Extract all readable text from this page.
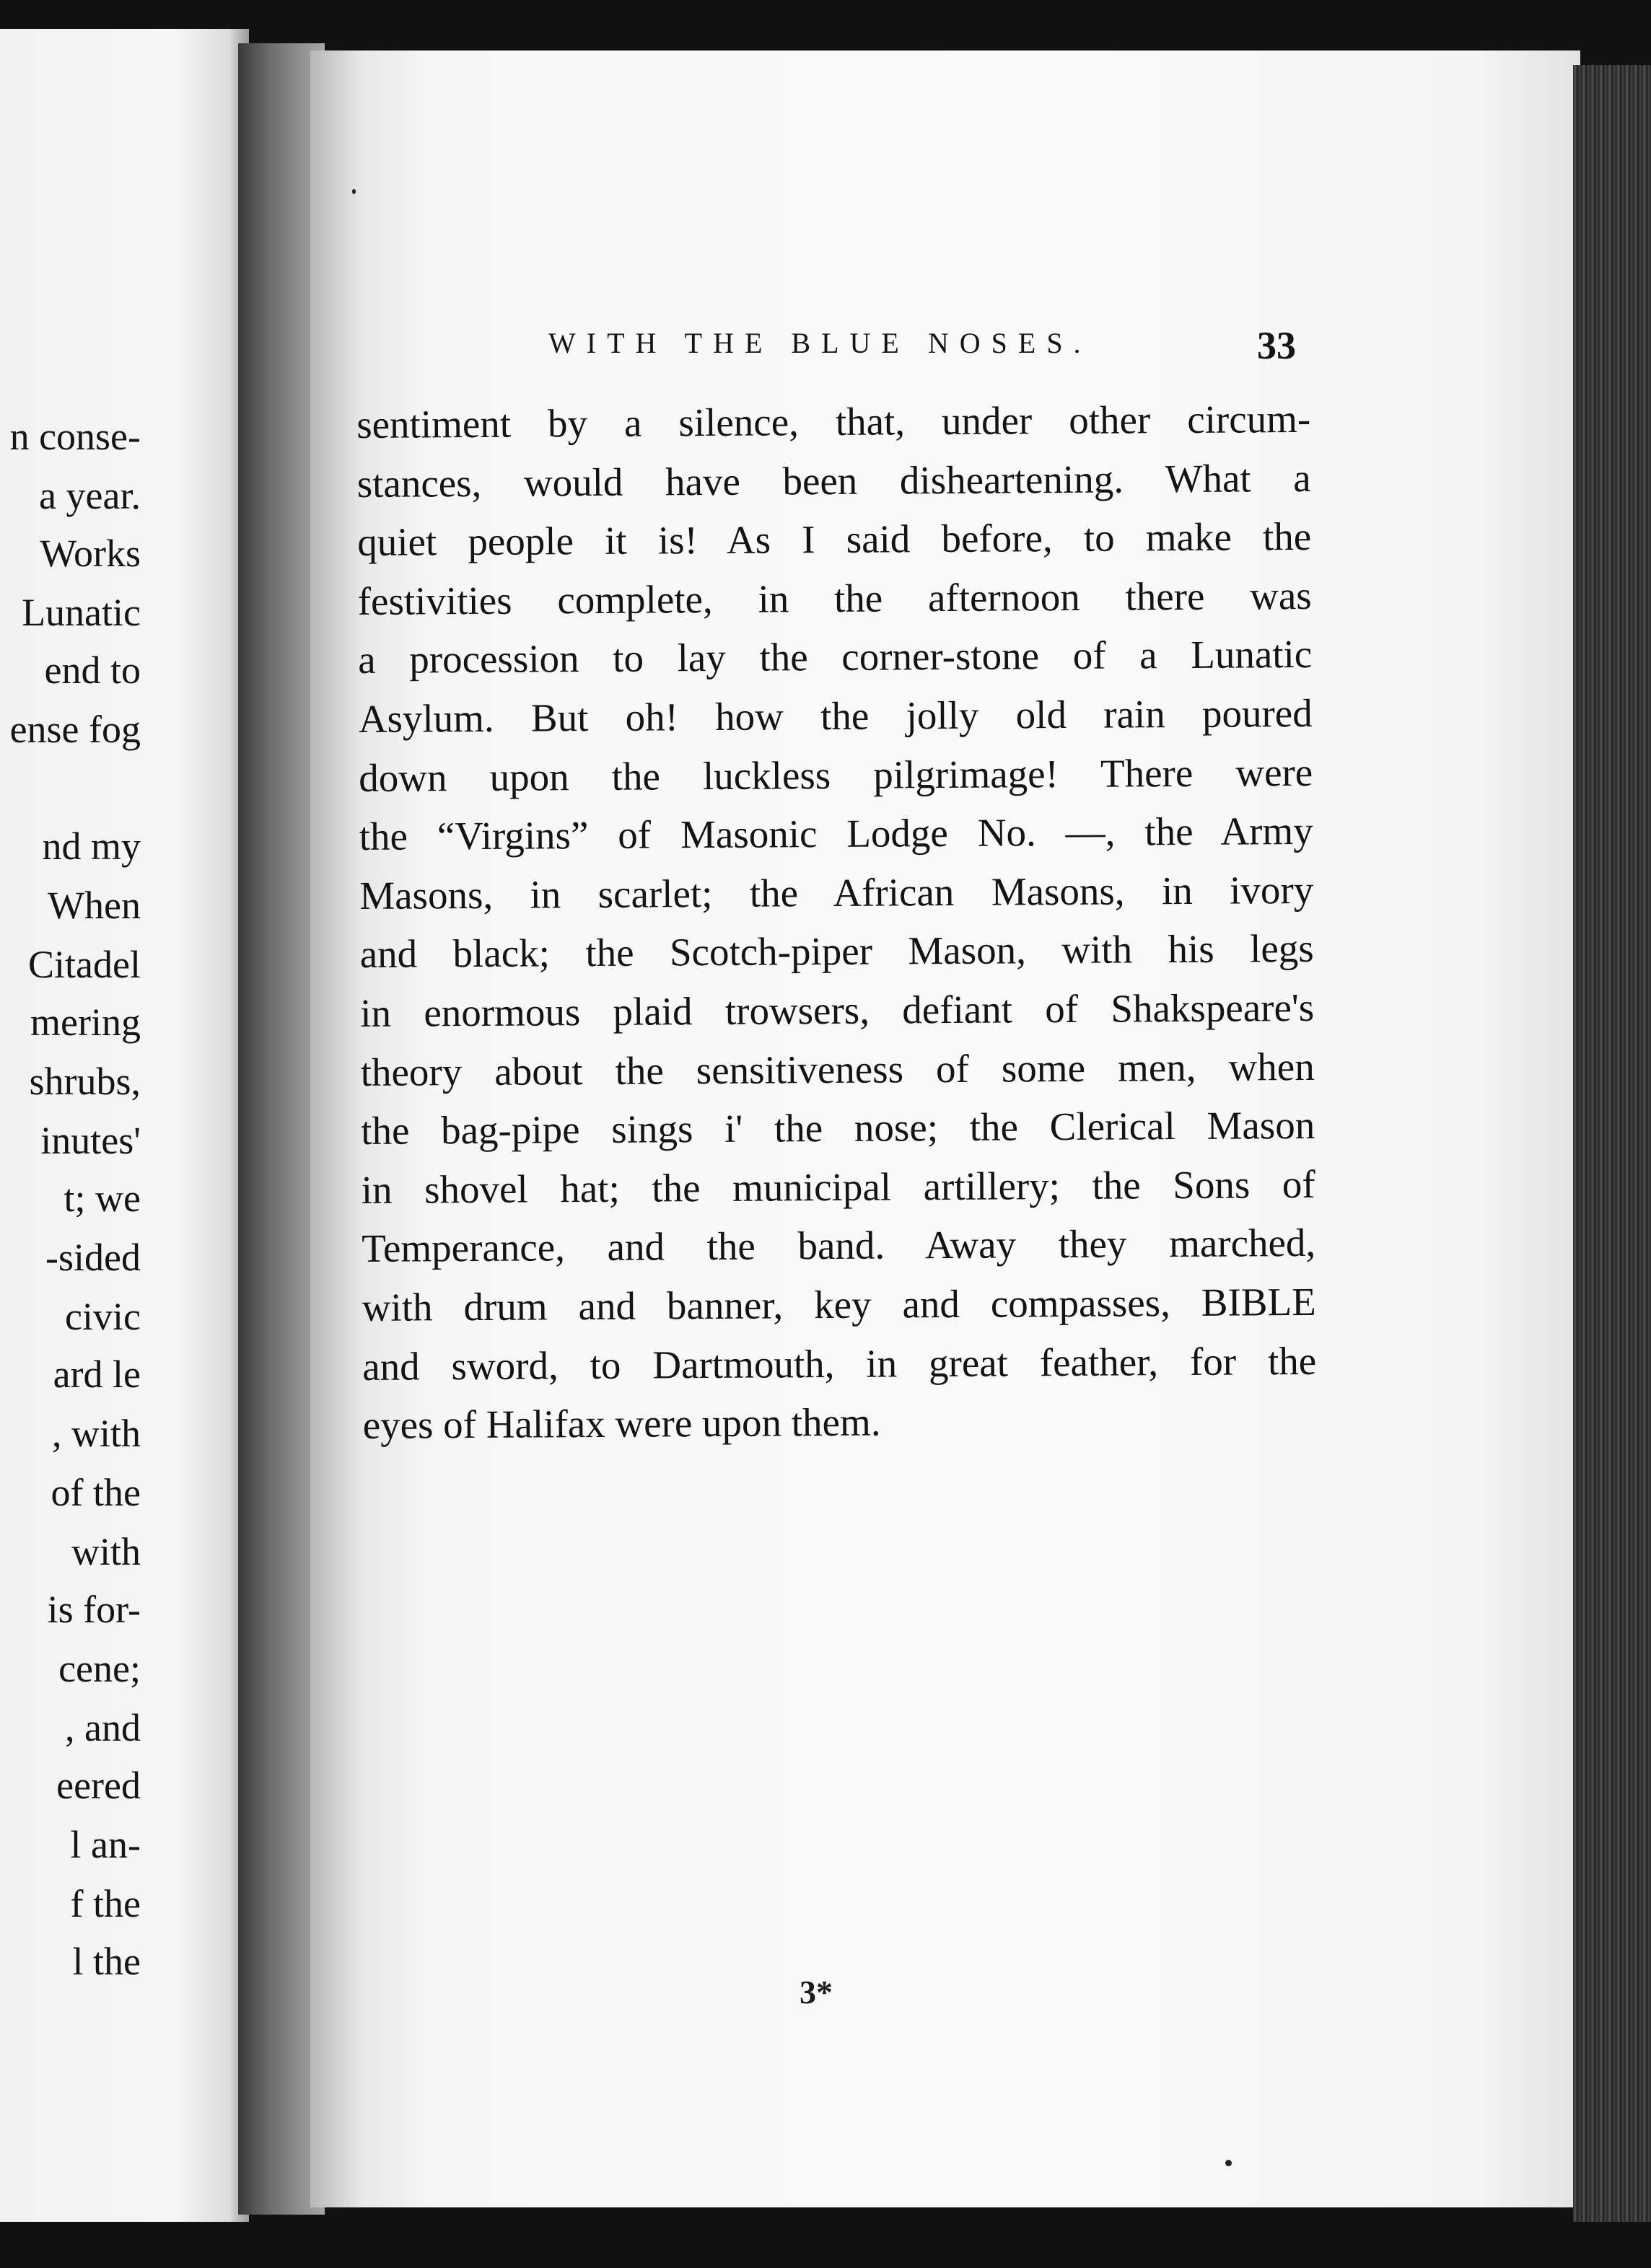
n conse-
a year.
Works
Lunatic
end to
ense fog
nd my
When
Citadel
mering
shrubs,
inutes'
t; we
-sided
civic
ard le
, with
of the
with
is for-
cene;
, and
eered
l an-
f the
l the
WITH THE BLUE NOSES.	33
sentiment by a silence, that, under other circum-
stances, would have been disheartening. What a
quiet people it is! As I said before, to make the
festivities complete, in the afternoon there was
a procession to lay the corner-stone of a Lunatic
Asylum. But oh! how the jolly old rain poured
down upon the luckless pilgrimage! There were
the “Virgins” of Masonic Lodge No. —, the Army
Masons, in scarlet; the African Masons, in ivory
and black; the Scotch-piper Mason, with his legs
in enormous plaid trowsers, defiant of Shakspeare's
theory about the sensitiveness of some men, when
the bag-pipe sings i' the nose; the Clerical Mason
in shovel hat; the municipal artillery; the Sons of
Temperance, and the band. Away they marched,
with drum and banner, key and compasses, BIBLE
and sword, to Dartmouth, in great feather, for the
eyes of Halifax were upon them.
3*
